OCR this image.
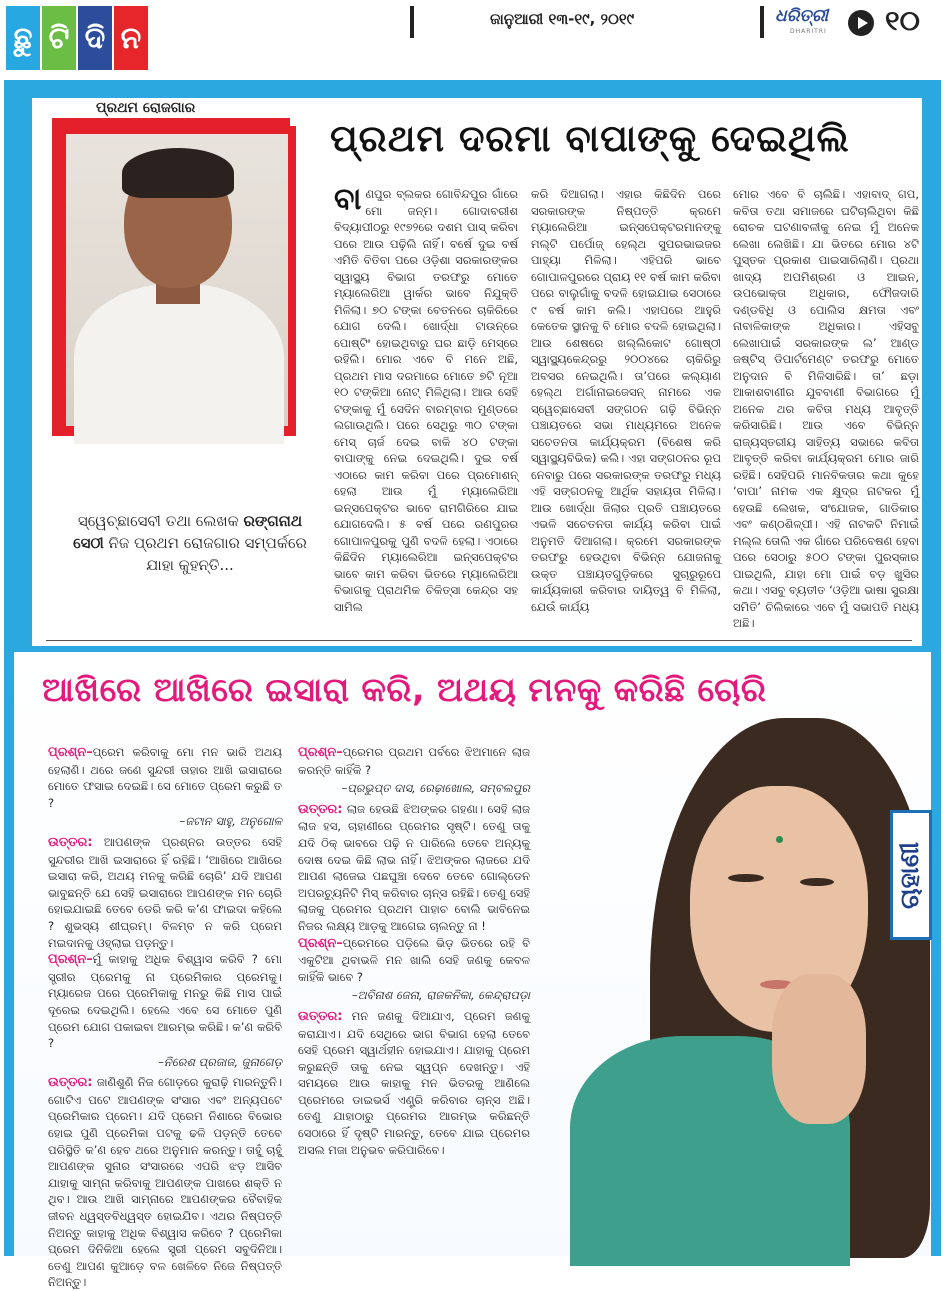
ଛୁ ଟି ଦି ନ
ଜାନୁଆରୀ ୧୩-୧୯, ୨୦୧୯	ଧରିତ୍ରୀ
DHARITRI ୧୦
ପ୍ରଥମ ରୋଜଗାର
ପ୍ରଥମ ଦରମା ବାପାଙ୍କୁ ଦେଇଥିଲି
ସ୍ୱେଚ୍ଛାସେବୀ ତଥା ଲେଖକ ରଙ୍ଗନାଥ ସେଠୀ ନିଜ ପ୍ରଥମ ରୋଜଗାର ସମ୍ପର୍କରେ ଯାହା କୁହନ୍ତି...
ବାଣପୁର ବ୍ଲକର ଗୋବିନ୍ଦପୁର ଗାଁରେ ମୋ ଜନ୍ମ। ଗୋଦାବରୀଶ ବିଦ୍ୟାପୀଠରୁ ୧୯୭୨ରେ ଦଶମ ପାସ୍ କରିବା ପରେ ଆଉ ପଢ଼ିଲି ନାହିଁ। ବର୍ଷେ ଦୁଇ ବର୍ଷ ଏମିତି ବିତିବା ପରେ ଓଡ଼ିଶା ସରକାରଙ୍କର ସ୍ୱାସ୍ଥ୍ୟ ବିଭାଗ ତରଫରୁ ମୋତେ ମ୍ୟାଲେରିଆ ୱାର୍କର ଭାବେ ନିଯୁକ୍ତି ମିଳିଲା। ୭୦ ଟଙ୍କା ବେତନରେ ଚାକିରିରେ ଯୋଗ ଦେଲି। ଖୋର୍ଦ୍ଧା ଟାଉନ୍‌ରେ ପୋଷ୍ଟିଂ ହୋଇଥିବାରୁ ଘର ଛାଡ଼ି ମେସ୍‌ରେ ରହିଲି। ମୋର ଏବେ ବି ମନେ ଅଛି, ପ୍ରଥମ ମାସ ଦରମାରେ ମୋତେ ୭ଟି ନୂଆ ୧୦ ଟଙ୍କିଆ ନୋଟ୍ ମିଳିଥିଲା। ଆଉ ସେହି ଟଙ୍କାକୁ ମୁଁ ସେଦିନ ବାରମ୍ବାର ମୁଣ୍ଡରେ ଲଗାଉଥିଲି। ପରେ ସେଥିରୁ ୩୦ ଟଙ୍କା ମେସ୍ ଚାର୍ଜ ଦେଇ ବାକି ୪୦ ଟଙ୍କା ବାପାଙ୍କୁ ନେଇ ଦେଇଥିଲି। ଦୁଇ ବର୍ଷ ଏଠାରେ କାମ କରିବା ପରେ ପ୍ରମୋଶନ୍ ହେଲା ଆଉ ମୁଁ ମ୍ୟାଲେରିଆ ଇନ୍‌ସପେକ୍ଟର ଭାବେ ରାମଗିରିରେ ଯାଇ ଯୋଗଦେଲି। ୫ ବର୍ଷ ପରେ ରଣପୁରର ଗୋପାଳପୁରକୁ ପୁଣି ବଦଳି ହେଲା। ଏଠାରେ କିଛିଦିନ ମ୍ୟାଲେରିଆ ଇନ୍‌ସପେକ୍ଟର ଭାବେ କାମ କରିବା ଭିତରେ ମ୍ୟାଲେରିଆ ବିଭାଗକୁ ପ୍ରାଥମିକ ଚିକିତ୍ସା କେନ୍ଦ୍ର ସହ ସାମିଲ
କରି ଦିଆଗଲା। ଏହାର କିଛିଦିନ ପରେ ସରକାରଙ୍କ ନିଷ୍ପତ୍ତି କ୍ରମେ ମ୍ୟାଲେରିଆ ଇନ୍‌ସପେକ୍ଟରମାନଙ୍କୁ ମଲ୍ଟି ପର୍ପୋଜ୍ ହେଲ୍ଥ ସୁପରଭାଇଜର ପାହ୍ୟା ମିଳିଲା। ଏହିପରି ଭାବେ ଗୋପାଳପୁରରେ ପ୍ରାୟ ୧୧ ବର୍ଷ କାମ କରିବା ପରେ ବାଲୁଗାଁକୁ ବଦଳି ହୋଇଯାଇ ସେଠାରେ ୯ ବର୍ଷ କାମ କଲି। ଏହାପରେ ଆହୁରି କେତେକ ସ୍ଥାନକୁ ବି ମୋର ବଦଳି ହୋଇଥିଲା। ଆଉ ଶେଷରେ ଖଲ୍ଲିକୋଟ ଗୋଷ୍ଠୀ ସ୍ୱାସ୍ଥ୍ୟକେନ୍ଦ୍ରରୁ ୨୦୦୪ରେ ଚାକିରିରୁ ଅବସର ନେଇଥିଲି। ତା’ପରେ କଲ୍ୟାଣ ହେଲ୍ଥ ଅର୍ଗାନାଇଜେସନ୍ ନାମରେ ଏକ ସ୍ୱେଚ୍ଛାସେବୀ ସଙ୍ଗଠନ ଗଢ଼ି ବିଭିନ୍ନ ପଞ୍ଚାୟତରେ ସଭା ମାଧ୍ୟମରେ ଅନେକ ସଚେତନତା କାର୍ଯ୍ୟକ୍ରମ (ବିଶେଷ କରି ସ୍ୱାସ୍ଥ୍ୟବିଭିକ) କଲି। ଏହା ସଙ୍ଗଠନର ରୂପ ନେବାରୁ ପରେ ସରକାରଙ୍କ ତରଫରୁ ମଧ୍ୟ ଏହି ସଙ୍ଗଠନକୁ ଆର୍ଥିକ ସହାୟତା ମିଳିଲା। ଆଉ ଖୋର୍ଦ୍ଧା ଜିଲାର ପ୍ରତି ପଞ୍ଚାୟତରେ ଏଭଳି ସଚେତନତା କାର୍ଯ୍ୟ କରିବା ପାଇଁ ଅନୁମତି ଦିଆଗଲା। କ୍ରମେ ସରକାରଙ୍କ ତରଫରୁ ହେଉଥିବା ବିଭିନ୍ନ ଯୋଜନାକୁ ଉକ୍ତ ପଞ୍ଚାୟତଗୁଡ଼ିକରେ ସୁଚାରୁରୂପେ କାର୍ଯ୍ୟକାରୀ କରିବାର ଦାୟିତ୍ୱ ବି ମିଳିଲା, ଯେଉଁ କାର୍ଯ୍ୟ
ମୋର ଏବେ ବି ଚାଲିଛି। ଏହାବାଦ୍ ଗପ, କବିତା ତଥା ସମାଜରେ ଘଟିଚାଲିଥିବା କିଛି ରୋଚକ ଘଟଣାବଳୀକୁ ନେଇ ମୁଁ ଅନେକ ଲେଖା ଲେଖିଛି। ଯା ଭିତରେ ମୋର ୪ଟି ପୁସ୍ତକ ପ୍ରକାଶ ପାଇସାରିଲାଣି। ପ୍ରଥା ଖାଦ୍ୟ ଅପମିଶ୍ରଣ ଓ ଆଇନ, ଉପଭୋକ୍ତା ଅଧିକାର, ଫୌଜଦାରି ଦଣ୍ଡବିଧି ଓ ପୋଲିସ କ୍ଷମତା ଏବଂ ନାବାଳିକାଙ୍କ ଅଧିକାର। ଏହିସବୁ ଲେଖାପାଇଁ ସରକାରଙ୍କ ଲ’ ଆଣ୍ଡ ଜଷ୍ଟିସ୍ ଡିପାର୍ଟମେଣ୍ଟ ତରଫରୁ ମୋତେ ଅନୁଦାନ ବି ମିଳିସାରିଛି। ତା’ ଛଡ଼ା ଆକାଶବାଣୀର ଯୁବବାଣୀ ବିଭାଗରେ ମୁଁ ଅନେକ ଥର କବିତା ମଧ୍ୟ ଆବୃତ୍ତି କରିସାରିଛି। ଆଉ ଏବେ ବିଭିନ୍ନ ରାଜ୍ୟସ୍ତରୀୟ ସାହିତ୍ୟ ସଭାରେ କବିତା ଆବୃତ୍ତି କରିବା କାର୍ଯ୍ୟକ୍ରମ ମୋର ଜାରି ରହିଛି। ସେହିପରି ମାନବିକତାର କଥା କୁହେ ‘ବାପା’ ନାମକ ଏକ କ୍ଷୁଦ୍ର ନାଟକର ମୁଁ ହେଉଛି ଲେଖକ, ସଂଯୋଜକ, ଗାଡିକାର ଏବଂ କଣ୍ଠଶିଳ୍ପୀ। ଏହି ନାଟକଟି ନିମାଇଁ ମଲ୍ଲ ତୋଲି ଏକ ଗାଁରେ ପରିବେଷଣ ହେବା ପରେ ସେଠାରୁ ୫୦୦ ଟଙ୍କା ପୁରସ୍କାର ପାଇଥିଲି, ଯାହା ମୋ ପାଇଁ ବଡ଼ ଖୁସିର କଥା। ଏସବୁ ବ୍ୟତୀତ ‘ଓଡ଼ିଆ ଭାଷା ସୁରକ୍ଷା ସମିତି’ ଚିଲିକାରେ ଏବେ ମୁଁ ସଭାପତି ମଧ୍ୟ ଅଛି।
ଆଖିରେ ଆଖିରେ ଇସାରା କରି, ଅଥୟ ମନକୁ କରିଛି ଚୋରି
ଚାହାଣୀ

ପ୍ରଶ୍ନ–ପ୍ରେମ କରିବାକୁ ମୋ ମନ ଭାରି ଅଥୟ ହେଲାଣି। ଥରେ ଜଣେ ସୁନ୍ଦରୀ ତାହାର ଆଖି ଇସାରାରେ ମୋତେ ଫସାଇ ଦେଇଛି। ସେ ମୋତେ ପ୍ରେମ କରୁଛି ତ ?

–ଜଟାନ ସାହୁ, ଅନୁଗୋଳ

ଉତ୍ତର: ଆପଣଙ୍କ ପ୍ରଶ୍ନର ଉତ୍ତର ସେହି ସୁନ୍ଦରୀର ଆଖି ଇସାରାରେ ହିଁ ରହିଛି। ‘ଆଖିରେ ଆଖିରେ ଇସାରା କରି, ଅଥୟ ମନକୁ କରିଛି ଚୋରି’ ଯଦି ଆପଣ ଭାବୁଛନ୍ତି ଯେ ସେହି ଇସାରାରେ ଆପଣଙ୍କ ମନ ଚୋରି ହୋଇଯାଇଛି ତେବେ ଡେରି କରି କ’ଣ ଫାଇଦା କହିଲେ ? ଶୁଭସ୍ୟ ଶୀଘ୍ରମ୍। ବିଳମ୍ବ ନ କରି ପ୍ରେମ ମଇଦାନକୁ ଓହ୍ଲାଇ ପଡ଼ନ୍ତୁ।

ପ୍ରଶ୍ନ–ମୁଁ କାହାକୁ ଅଧିକ ବିଶ୍ୱାସ କରିବି ? ମୋ ସ୍ତ୍ରୀର ପ୍ରେମକୁ ନା ପ୍ରେମିକାର ପ୍ରେମକୁ। ମ୍ୟାରେଜ ପରେ ପ୍ରେମିକାକୁ ମନରୁ କିଛି ମାସ ପାଇଁ ଦୂରେଇ ଦେଇଥିଲି। ହେଲେ ଏବେ ସେ ମୋତେ ପୁଣି ପ୍ରେମ ଯୋଗ ପକାଇବା ଆରମ୍ଭ କରିଛି। କ’ଣ କରିବି ?

–ନିରେଶ ପ୍ରଜାଜ, ଜୁନାଗେଡ଼

ଉତ୍ତର: ଜାଣିଶୁଣି ନିଜ ଗୋଡ଼ରେ କୁରାଢ଼ି ମାରନ୍ତୁନି। ଗୋଟିଏ ପଟେ ଆପଣଙ୍କ ସଂସାର ଏବଂ ଅନ୍ୟପଟେ ପ୍ରେମିକାର ପ୍ରେମ। ଯଦି ପ୍ରେମ ନିଶାରେ ବିଭୋର ହୋଇ ପୁଣି ପ୍ରେମିକା ପଟକୁ ଢଳି ପଡ଼ନ୍ତି ତେବେ ପରିସ୍ଥିତି କ’ଣ ହେବ ଥରେ ଅନୁମାନ କରନ୍ତୁ। ତାହୁଁ ଚାହୁଁ ଆପଣଙ୍କ ସୁନାର ସଂସାରରେ ଏପରି ଝଡ଼ ଆସିବ ଯାହାକୁ ସାମ୍ନା କରିବାକୁ ଆପଣଙ୍କ ପାଖରେ ଶକ୍ତି ନ ଥିବ। ଆଉ ଆଖି ସାମ୍ନାରେ ଆପଣଙ୍କର ବୈବାହିକ ଜୀବନ ଧ୍ୱସ୍ତବିଧ୍ୱସ୍ତ ହୋଇଯିବ। ଏଥର ନିଷ୍ପତ୍ତି ନିଅନ୍ତୁ କାହାକୁ ଅଧିକ ବିଶ୍ୱାସ କରିବେ ? ପ୍ରେମିକା ପ୍ରେମ ଦିନିକିଆ ହେଲେ ସ୍ତ୍ରୀ ପ୍ରେମ ସବୁଦିନିଆ। ତେଣୁ ଆପଣ କୁଆଡ଼େ ବଳ ଖେଳିବେ ନିଜେ ନିଷ୍ପତ୍ତି ନିଅନ୍ତୁ।

ପ୍ରଶ୍ନ–ପ୍ରେମର ପ୍ରଥମ ପର୍ବରେ ଝିଅମାନେ ଲାଜ କରନ୍ତି କାହିଁକି ?

–ପ୍ରଭୁପ୍ତ ଦାସ, ରେଢ଼ାଖୋଲ, ସମ୍ବଲପୁର

ଉତ୍ତର: ଲାଜ ହେଉଛି ଝିଅଙ୍କର ଗହଣା। ସେହି ଲାଜ ଲାଜ ହସ, ଚାହାଣୀରେ ପ୍ରେମର ସୃଷ୍ଟି। ତେଣୁ ତାକୁ ଯଦି ଠିକ୍ ଭାବରେ ପଢ଼ି ନ ପାରିଲେ ତେବେ ଅନ୍ୟକୁ ଦୋଷ ଦେଇ କିଛି ଲାଭ ନାହିଁ। ଝିଅଙ୍କର ଲାଜରେ ଯଦି ଆପଣ ଲାଜେଇ ପଛଘୁଞ୍ଚା ଦେବେ ତେବେ ଗୋଲ୍ଡେନ ଅପରଚ୍ୟୁନିଟି ମିସ୍ କରିବାର ଚାନ୍ସ ରହିଛି। ତେଣୁ ସେହି ଲାଜକୁ ପ୍ରେମର ପ୍ରଥମ ପାହାଚ ବୋଲି ଭାବିନେଇ ନିଜର ଲକ୍ଷ୍ୟ ଆଡ଼କୁ ଆଗେଇ ଚାଲନ୍ତୁ ନା !

ପ୍ରଶ୍ନ–ପ୍ରେମରେ ପଡ଼ିଲେ ଭିଡ଼ ଭିତରେ ରହି ବି ଏକୁଟିଆ ଥିବାଭଳି ମନ ଖାଲି ସେହି ଜଣକୁ କେବଳ କାହିଁକି ଭାବେ ?

–ଅବିନାଶ ଜେନା, ରାଜକନିକା, କେନ୍ଦ୍ରାପଡ଼ା

ଉତ୍ତର: ମନ ଜଣକୁ ଦିଆଯାଏ, ପ୍ରେମ ଜଣକୁ କରାଯାଏ। ଯଦି ସେଥିରେ ଭାଗ ବିଭାଗ ହେଲା ତେବେ ସେହି ପ୍ରେମ ସ୍ୱାର୍ଥହୀନ ହୋଇଯାଏ। ଯାହାକୁ ପ୍ରେମ କରୁଛନ୍ତି ତାକୁ ନେଇ ସ୍ୱପ୍ନ ଦେଖନ୍ତୁ। ଏହି ସମୟରେ ଆଉ କାହାକୁ ମନ ଭିତରକୁ ଆଣିଲେ ପ୍ରେମରେ ଡାଇଭର୍ସ ଏଣ୍ଟ୍ରି କରିବାର ଚାନ୍ସ ଅଛି। ତେଣୁ ଯାହାଠାରୁ ପ୍ରେମର ଆରମ୍ଭ କରିଛନ୍ତି ସେଠାରେ ହିଁ ଦୃଷ୍ଟି ମାରନ୍ତୁ, ତେବେ ଯାଇ ପ୍ରେମର ଅସଲ ମଜା ଅନୁଭବ କରିପାରିବେ।
